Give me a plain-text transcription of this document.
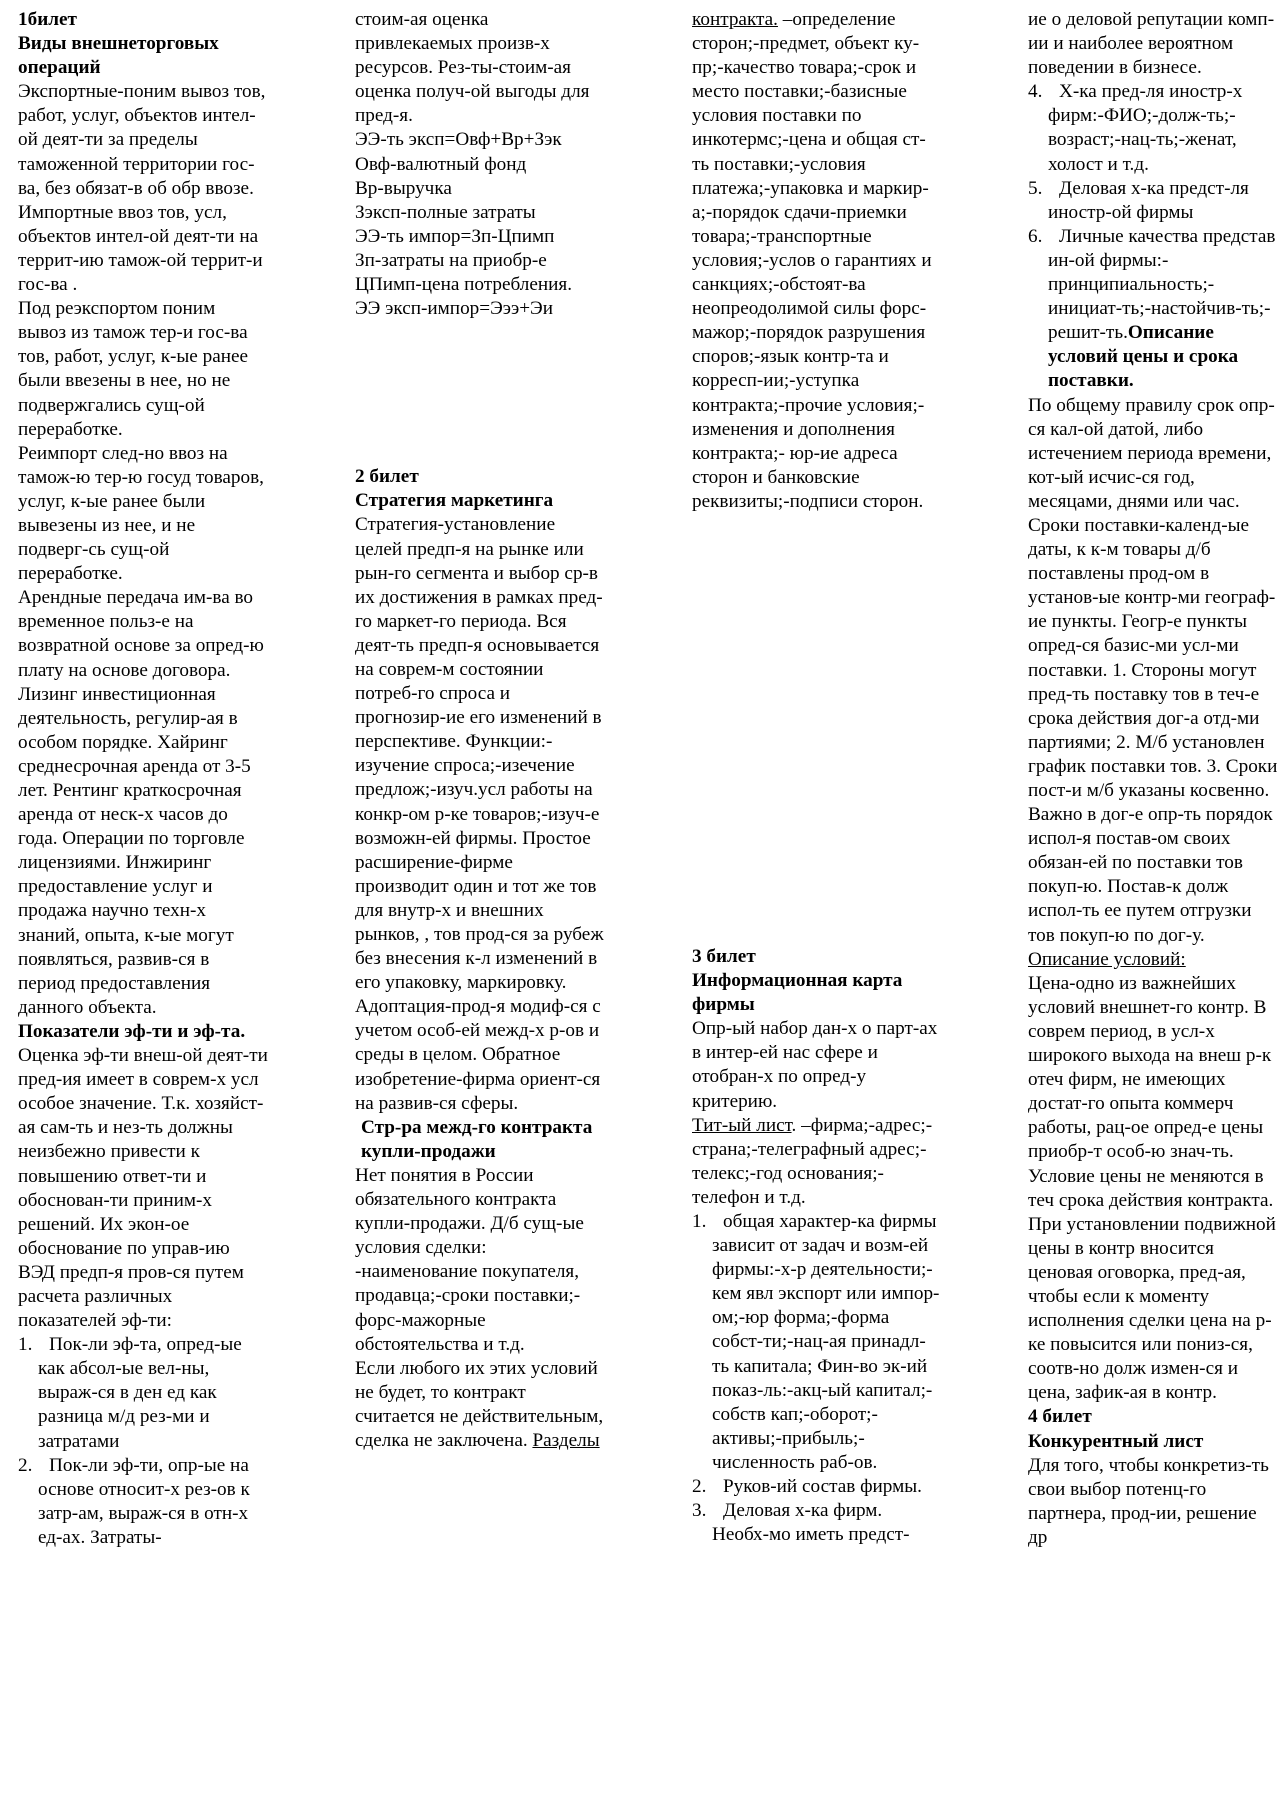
1билет

Виды внешнеторговых операций

Экспортные-поним вывоз тов, работ, услуг, объектов интел-ой деят-ти за пределы таможенной территории гос-ва, без обязат-в об обр ввозе.

Импортные ввоз тов, усл, объектов интел-ой деят-ти на террит-ию тамож-ой террит-и гос-ва .

Под реэкспортом поним вывоз из тамож тер-и гос-ва тов, работ, услуг, к-ые ранее были ввезены в нее, но не подвержгались сущ-ой переработке.

Реимпорт след-но ввоз на тамож-ю тер-ю госуд товаров, услуг, к-ые ранее были вывезены из нее, и не подверг-сь сущ-ой переработке.

Арендные передача им-ва во временное польз-е на возвратной основе за опред-ю плату на основе договора. Лизинг инвестиционная деятельность, регулир-ая в особом порядке. Хайринг среднесрочная аренда от 3-5 лет. Рентинг краткосрочная аренда от неск-х часов до года. Операции по торговле лицензиями. Инжиринг предоставление услуг и продажа научно техн-х знаний, опыта, к-ые могут появляться, развив-ся в период предоставления данного объекта.

Показатели эф-ти и эф-та.

Оценка эф-ти внеш-ой деят-ти пред-ия имеет в соврем-х усл особое значение. Т.к. хозяйст-ая сам-ть и нез-ть должны неизбежно привести к повышению ответ-ти и обоснован-ти приним-х решений. Их экон-ое обоснование по управ-ию ВЭД предп-я пров-ся путем расчета различных показателей эф-ти:

1. Пок-ли эф-та, опред-ые как абсол-ые вел-ны, выраж-ся в ден ед как разница м/д рез-ми и затратами

2. Пок-ли эф-ти, опр-ые на основе относит-х рез-ов к затр-ам, выраж-ся в отн-х ед-ах. Затраты-

стоим-ая оценка привлекаемых произв-х ресурсов. Рез-ты-стоим-ая оценка получ-ой выгоды для пред-я.

ЭЭ-ть эксп=Овф+Вр+Зэк

Овф-валютный фонд

Вр-выручка

Зэксп-полные затраты

ЭЭ-ть импор=Зп-Цпимп

Зп-затраты на приобр-е

ЦПимп-цена потребления.

ЭЭ эксп-импор=Эээ+Эи

2 билет

Стратегия маркетинга

Стратегия-установление целей предп-я на рынке или рын-го сегмента и выбор ср-в их достижения в рамках пред-го маркет-го периода. Вся деят-ть предп-я основывается на соврем-м состоянии потреб-го спроса и прогнозир-ие его изменений в перспективе. Функции:-изучение спроса;-изечение предлож;-изуч.усл работы на конкр-ом р-ке товаров;-изуч-е возможн-ей фирмы. Простое расширение-фирме производит один и тот же тов для внутр-х и внешних рынков, , тов прод-ся за рубеж без внесения к-л изменений в его упаковку, маркировку.

Адоптация-прод-я модиф-ся с учетом особ-ей межд-х р-ов и среды в целом. Обратное изобретение-фирма ориент-ся на развив-ся сферы.

Стр-ра межд-го контракта купли-продажи

Нет понятия в России обязательного контракта купли-продажи. Д/б сущ-ые условия сделки: -наименование покупателя, продавца;-сроки поставки;-форс-мажорные обстоятельства и т.д.

Если любого их этих условий не будет, то контракт считается не действительным, сделка не заключена. Разделы

контракта. –определение сторон;-предмет, объект ку-пр;-качество товара;-срок и место поставки;-базисные условия поставки по инкотермс;-цена и общая ст-ть поставки;-условия платежа;-упаковка и маркир-а;-порядок сдачи-приемки товара;-транспортные условия;-услов о гарантиях и санкциях;-обстоят-ва неопреодолимой силы форс-мажор;-порядок разрушения споров;-язык контр-та и корресп-ии;-уступка контракта;-прочие условия;-изменения и дополнения контракта;- юр-ие адреса сторон и банковские реквизиты;-подписи сторон.

3 билет

Информационная карта фирмы

Опр-ый набор дан-х о парт-ах в интер-ей нас сфере и отобран-х по опред-у критерию.

Тит-ый лист. –фирма;-адрес;-страна;-телеграфный адрес;-телекс;-год основания;-телефон и т.д.

1. общая характер-ка фирмы зависит от задач и возм-ей фирмы:-х-р деятельности;-кем явл экспорт или импор-ом;-юр форма;-форма собст-ти;-нац-ая принадл-ть капитала; Фин-во эк-ий показ-ль:-акц-ый капитал;-собств кап;-оборот;-активы;-прибыль;-численность раб-ов.

2. Руков-ий состав фирмы.

3. Деловая х-ка фирм. Необх-мо иметь предст-

ие о деловой репутации комп-ии и наиболее вероятном поведении в бизнесе.

4. Х-ка пред-ля иностр-х фирм:-ФИО;-долж-ть;-возраст;-нац-ть;-женат, холост и т.д.

5. Деловая х-ка предст-ля иностр-ой фирмы

6. Личные качества представ ин-ой фирмы:-принципиальность;-инициат-ть;-настойчив-ть;-решит-ть.Описание условий цены и срока поставки.

По общему правилу срок опр-ся кал-ой датой, либо истечением периода времени, кот-ый исчис-ся год, месяцами, днями или час. Сроки поставки-календ-ые даты, к к-м товары д/б поставлены прод-ом в установ-ые контр-ми географ-ие пункты. Геогр-е пункты опред-ся базис-ми усл-ми поставки. 1. Стороны могут пред-ть поставку тов в теч-е срока действия дог-а отд-ми партиями; 2. М/б установлен график поставки тов. 3. Сроки пост-и м/б указаны косвенно. Важно в дог-е опр-ть порядок испол-я постав-ом своих обязан-ей по поставки тов покуп-ю. Постав-к долж испол-ть ее путем отгрузки тов покуп-ю по дог-у. Описание условий:

Цена-одно из важнейших условий внешнет-го контр. В соврем период, в усл-х широкого выхода на внеш р-к отеч фирм, не имеющих достат-го опыта коммерч работы, рац-ое опред-е цены приобр-т особ-ю знач-ть. Условие цены не меняются в теч срока действия контракта. При установлении подвижной цены в контр вносится ценовая оговорка, пред-ая, чтобы если к моменту исполнения сделки цена на р-ке повысится или пониз-ся, соотв-но долж измен-ся и цена, зафик-ая в контр.

4 билет

Конкурентный лист

Для того, чтобы конкретиз-ть свои выбор потенц-го партнера, прод-ии, решение др
